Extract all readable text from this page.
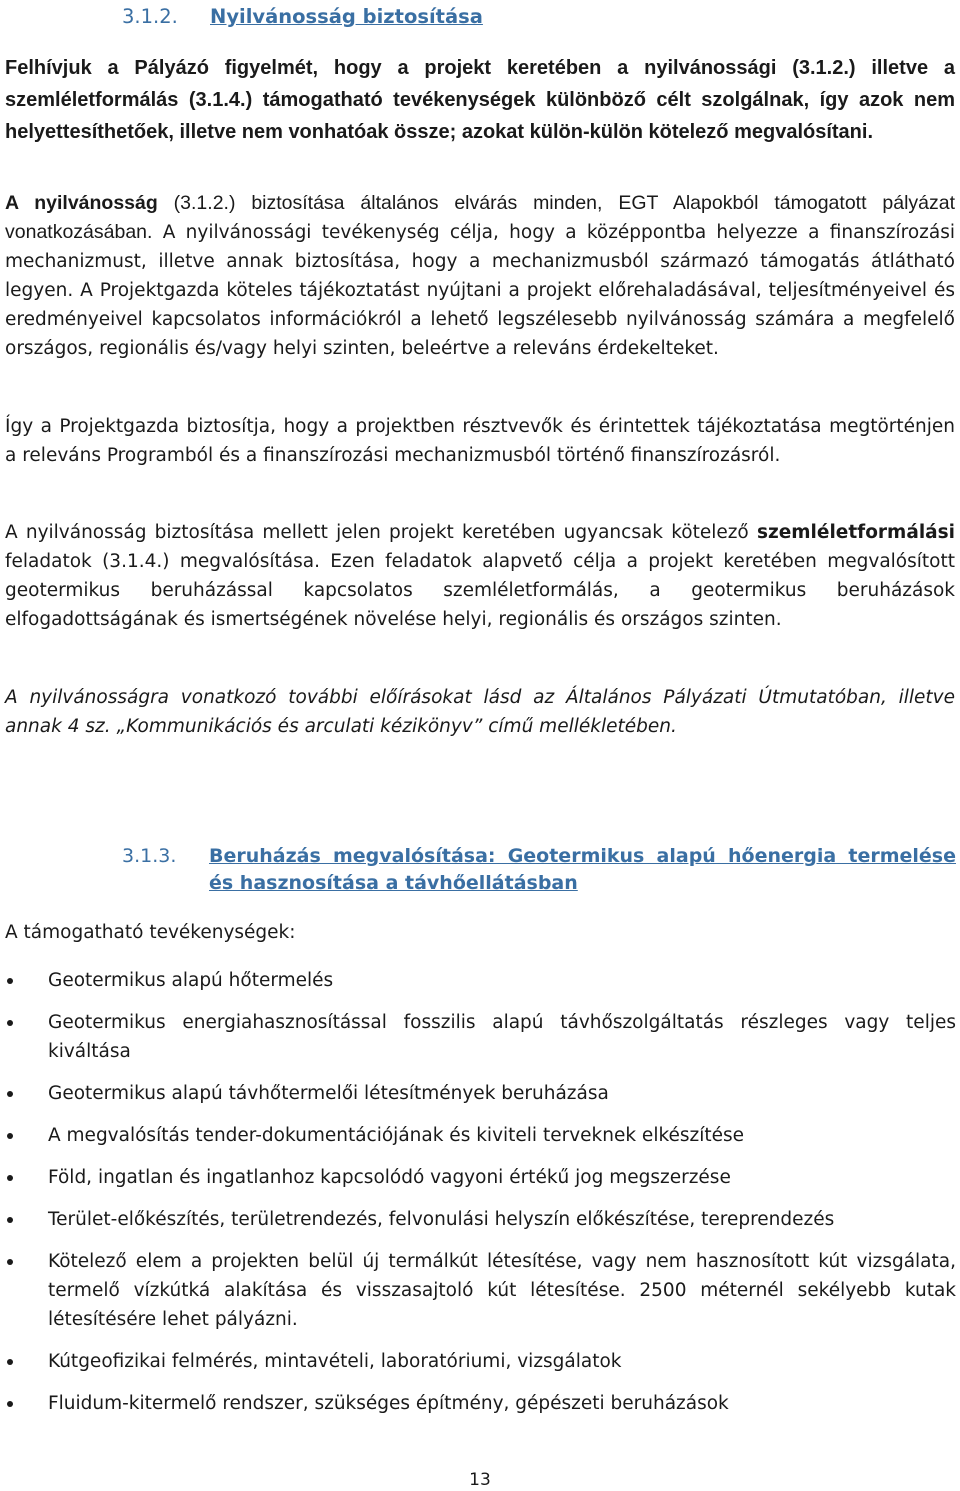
3.1.2. Nyilvánosság biztosítása

Felhívjuk a Pályázó figyelmét, hogy a projekt keretében a nyilvánossági (3.1.2.) illetve a szemléletformálás (3.1.4.) támogatható tevékenységek különböző célt szolgálnak, így azok nem helyettesíthetőek, illetve nem vonhatóak össze; azokat külön-külön kötelező megvalósítani.

A nyilvánosság (3.1.2.) biztosítása általános elvárás minden, EGT Alapokból támogatott pályázat vonatkozásában. A nyilvánossági tevékenység célja, hogy a középpontba helyezze a finanszírozási mechanizmust, illetve annak biztosítása, hogy a mechanizmusból származó támogatás átlátható legyen. A Projektgazda köteles tájékoztatást nyújtani a projekt előrehaladásával, teljesítményeivel és eredményeivel kapcsolatos információkról a lehető legszélesebb nyilvánosság számára a megfelelő országos, regionális és/vagy helyi szinten, beleértve a releváns érdekelteket.

Így a Projektgazda biztosítja, hogy a projektben résztvevők és érintettek tájékoztatása megtörténjen a releváns Programból és a finanszírozási mechanizmusból történő finanszírozásról.

A nyilvánosság biztosítása mellett jelen projekt keretében ugyancsak kötelező szemléletformálási feladatok (3.1.4.) megvalósítása. Ezen feladatok alapvető célja a projekt keretében megvalósított geotermikus beruházással kapcsolatos szemléletformálás, a geotermikus beruházások elfogadottságának és ismertségének növelése helyi, regionális és országos szinten.

A nyilvánosságra vonatkozó további előírásokat lásd az Általános Pályázati Útmutatóban, illetve annak 4 sz. „Kommunikációs és arculati kézikönyv” című mellékletében.

3.1.3. Beruházás megvalósítása: Geotermikus alapú hőenergia termelése és hasznosítása a távhőellátásban
A támogatható tevékenységek:
Geotermikus alapú hőtermelés
Geotermikus energiahasznosítással fosszilis alapú távhőszolgáltatás részleges vagy teljes kiváltása
Geotermikus alapú távhőtermelői létesítmények beruházása
A megvalósítás tender-dokumentációjának és kiviteli terveknek elkészítése
Föld, ingatlan és ingatlanhoz kapcsolódó vagyoni értékű jog megszerzése
Terület-előkészítés, területrendezés, felvonulási helyszín előkészítése, tereprendezés
Kötelező elem a projekten belül új termálkút létesítése, vagy nem hasznosított kút vizsgálata, termelő vízkútká alakítása és visszasajtoló kút létesítése. 2500 méternél sekélyebb kutak létesítésére lehet pályázni.
Kútgeofizikai felmérés, mintavételi, laboratóriumi, vizsgálatok
Fluidum-kitermelő rendszer, szükséges építmény, gépészeti beruházások
13
